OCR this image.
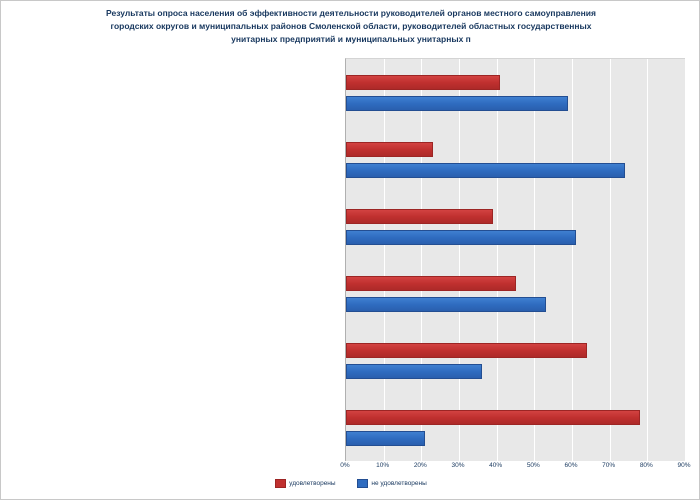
Результаты опроса населения об эффективности деятельности руководителей органов местного самоуправления
городских округов и муниципальных районов Смоленской области, руководителей областных государственных
унитарных предприятий и муниципальных унитарных п
0%	10%	20%	30%	40%	50%	60%	70%	80%	90%
удовлетворены	не удовлетворены
